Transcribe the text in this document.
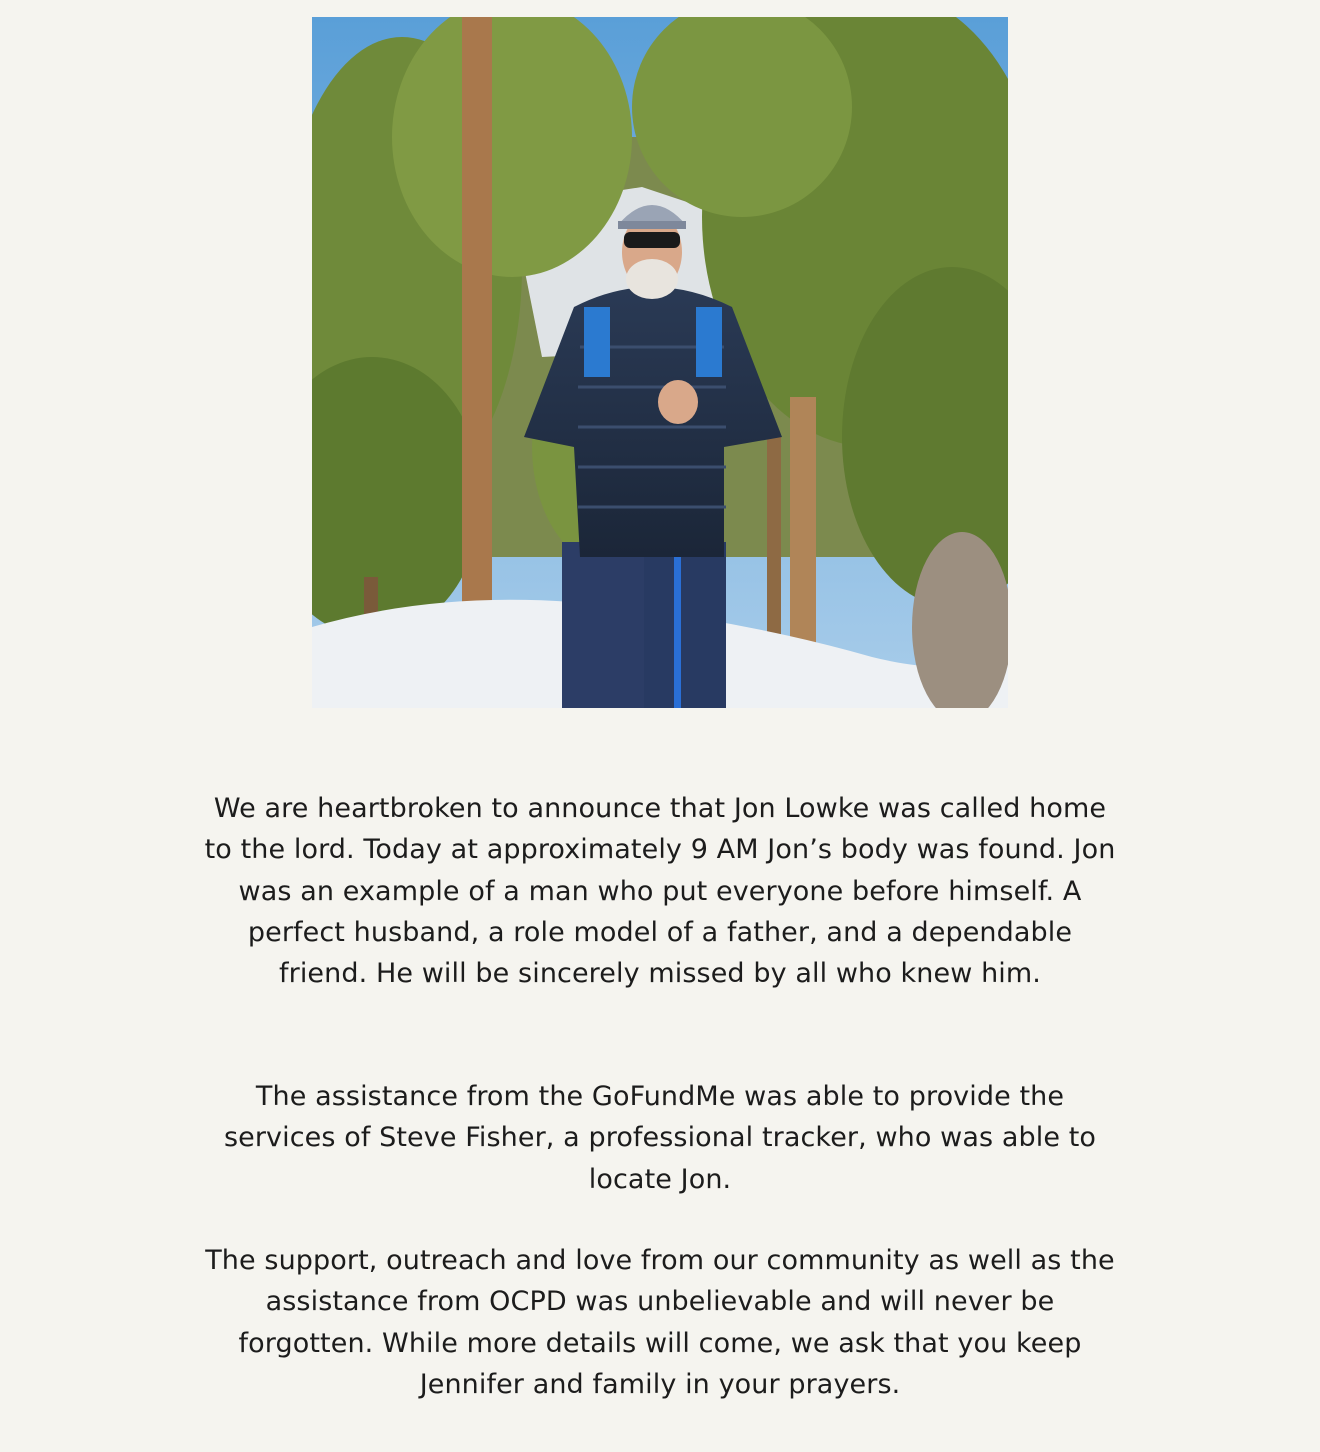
We are heartbroken to announce that Jon Lowke was called home to the lord. Today at approximately 9 AM Jon’s body was found. Jon was an example of a man who put everyone before himself. A perfect husband, a role model of a father, and a dependable friend. He will be sincerely missed by all who knew him.

The assistance from the GoFundMe was able to provide the services of Steve Fisher, a professional tracker, who was able to locate Jon.

The support, outreach and love from our community as well as the assistance from OCPD was unbelievable and will never be forgotten. While more details will come, we ask that you keep Jennifer and family in your prayers.
